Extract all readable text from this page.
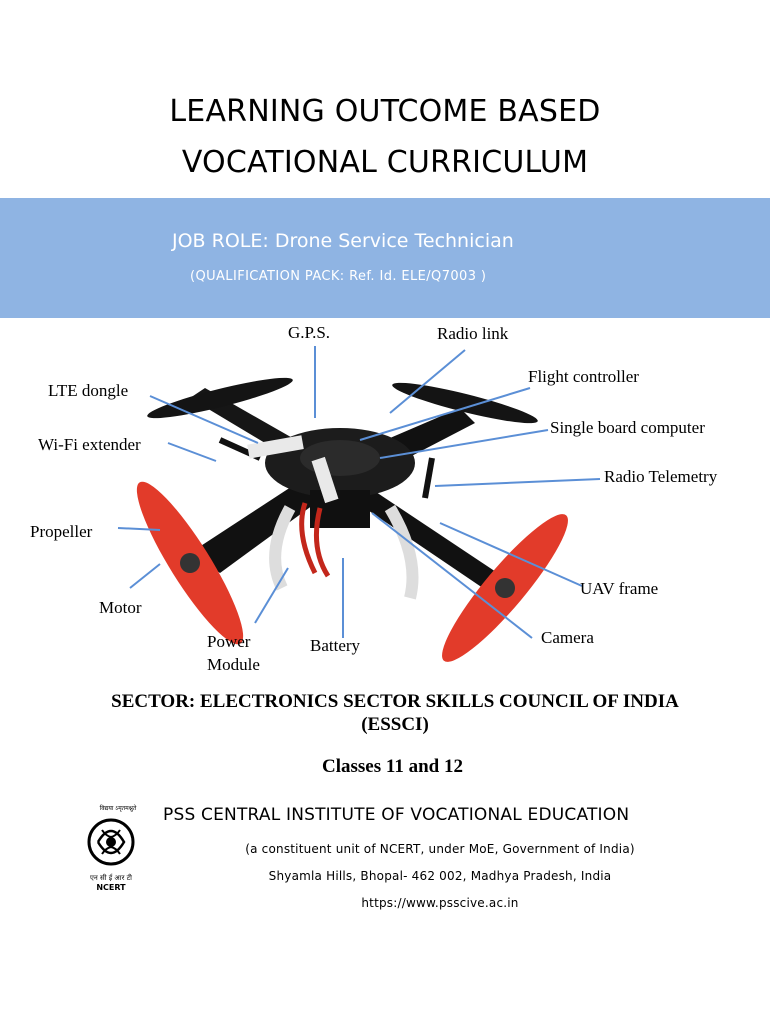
LEARNING OUTCOME BASED
VOCATIONAL CURRICULUM
JOB ROLE: Drone Service Technician
(QUALIFICATION PACK: Ref. Id. ELE/Q7003 )
G.P.S.	Radio link
LTE dongle
Flight controller
Wi-Fi extender
Single board computer
Radio Telemetry
Propeller
UAV frame
Motor
Power
Module
Battery	Camera
SECTOR: ELECTRONICS SECTOR SKILLS COUNCIL OF INDIA
(ESSCI)
Classes 11 and 12
विद्यया ऽमृतमश्नुते
एन सी ई आर टी
NCERT
PSS CENTRAL INSTITUTE OF VOCATIONAL EDUCATION
(a constituent unit of NCERT, under MoE, Government of India)
Shyamla Hills, Bhopal- 462 002, Madhya Pradesh, India
https://www.psscive.ac.in
